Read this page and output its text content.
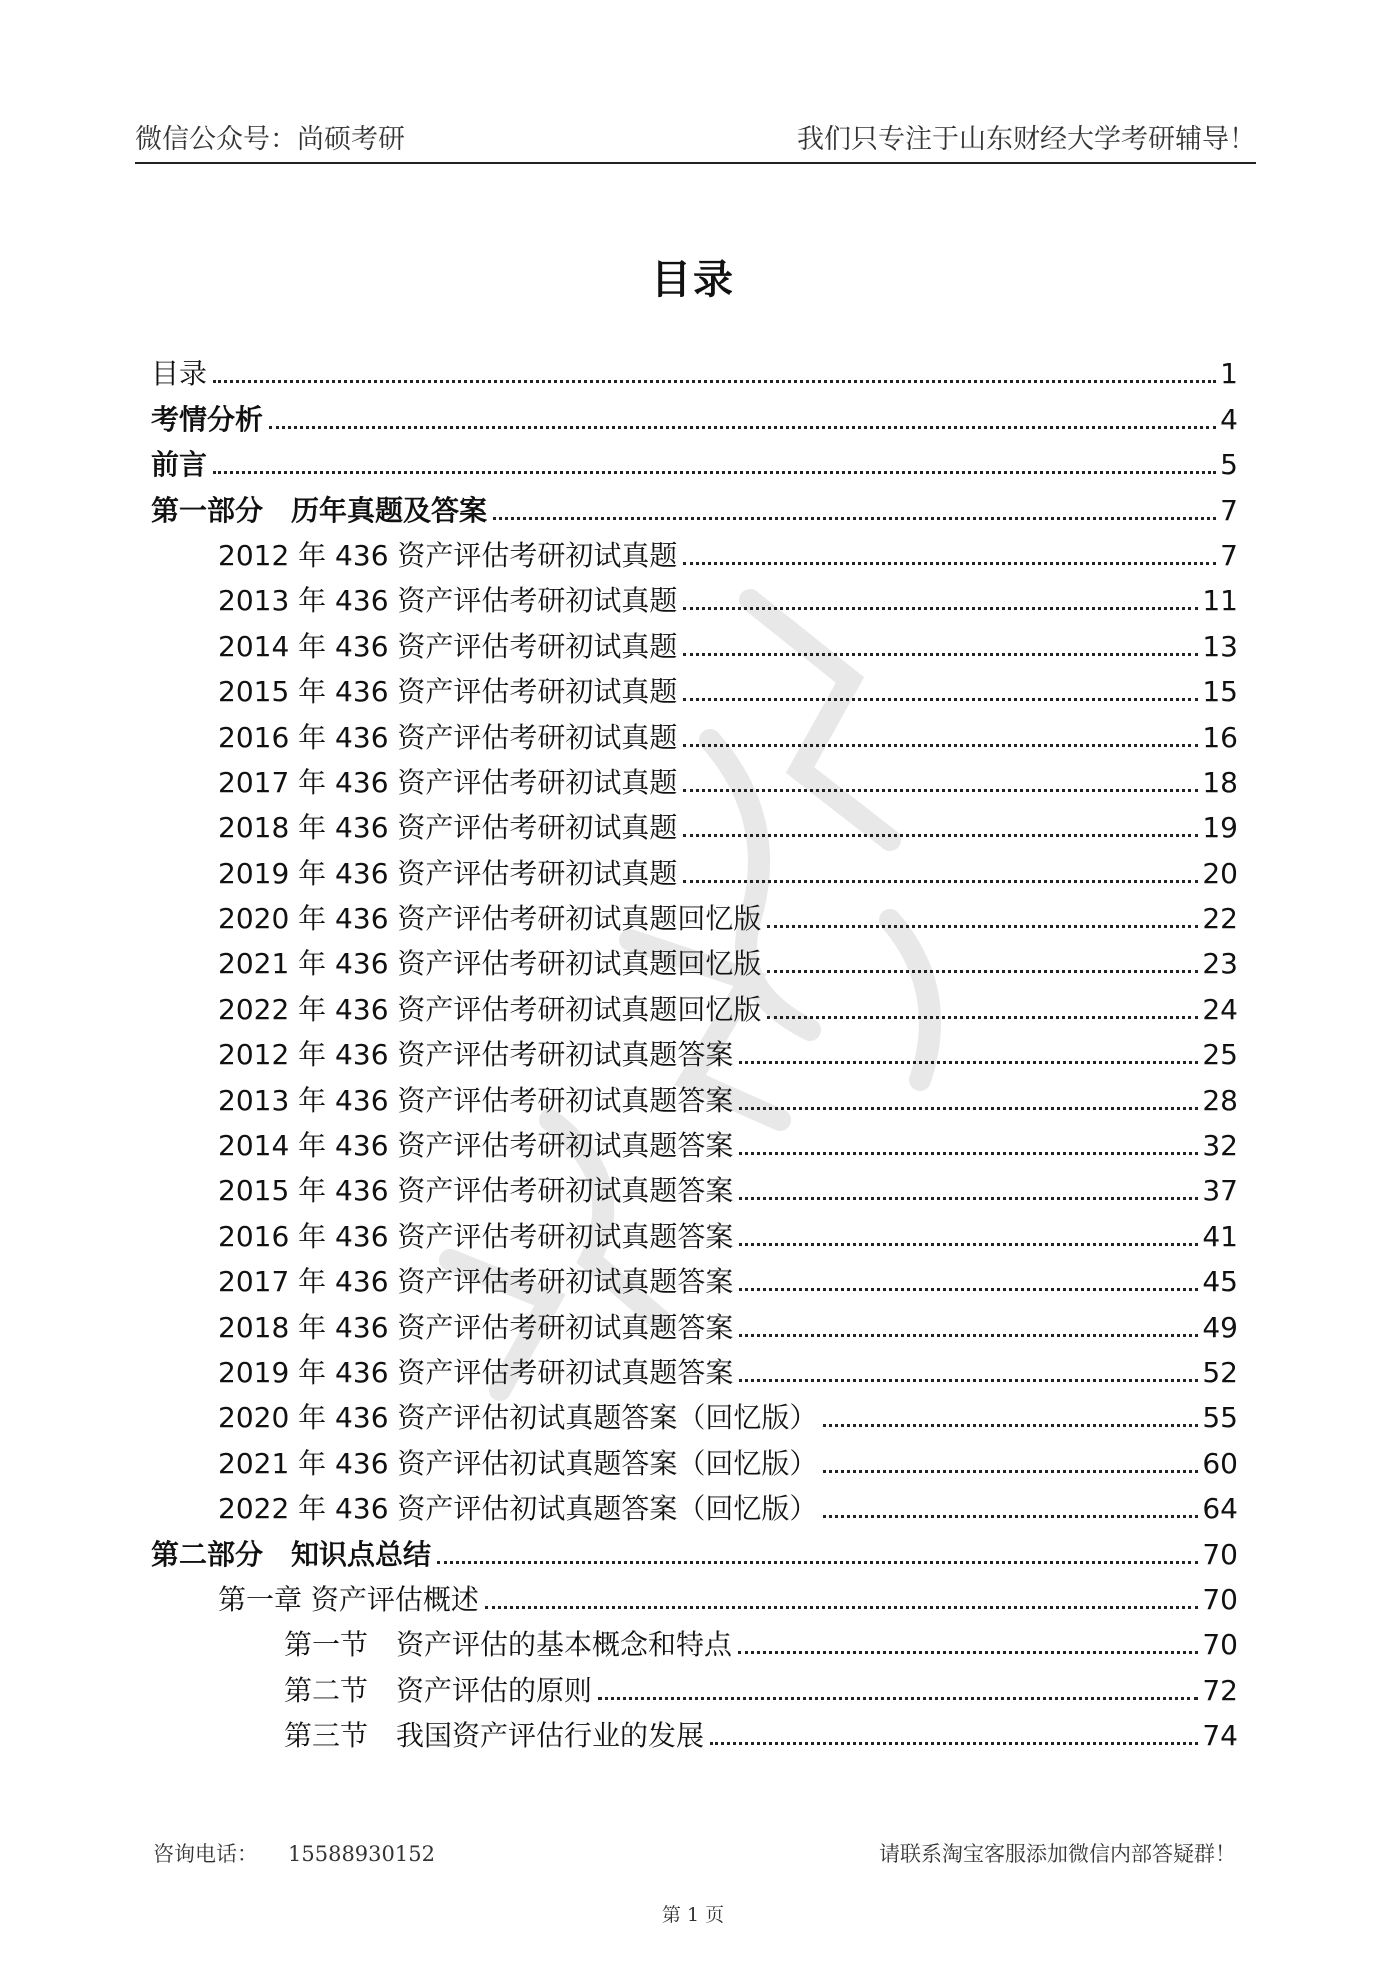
微信公众号：尚硕考研	我们只专注于山东财经大学考研辅导！
目录
目录	1
考情分析	4
前言	5
第一部分　历年真题及答案	7
2012 年 436 资产评估考研初试真题	7
2013 年 436 资产评估考研初试真题	11
2014 年 436 资产评估考研初试真题	13
2015 年 436 资产评估考研初试真题	15
2016 年 436 资产评估考研初试真题	16
2017 年 436 资产评估考研初试真题	18
2018 年 436 资产评估考研初试真题	19
2019 年 436 资产评估考研初试真题	20
2020 年 436 资产评估考研初试真题回忆版	22
2021 年 436 资产评估考研初试真题回忆版	23
2022 年 436 资产评估考研初试真题回忆版	24
2012 年 436 资产评估考研初试真题答案	25
2013 年 436 资产评估考研初试真题答案	28
2014 年 436 资产评估考研初试真题答案	32
2015 年 436 资产评估考研初试真题答案	37
2016 年 436 资产评估考研初试真题答案	41
2017 年 436 资产评估考研初试真题答案	45
2018 年 436 资产评估考研初试真题答案	49
2019 年 436 资产评估考研初试真题答案	52
2020 年 436 资产评估初试真题答案（回忆版）	55
2021 年 436 资产评估初试真题答案（回忆版）	60
2022 年 436 资产评估初试真题答案（回忆版）	64
第二部分　知识点总结	70
第一章 资产评估概述	70
第一节　资产评估的基本概念和特点	70
第二节　资产评估的原则	72
第三节　我国资产评估行业的发展	74
咨询电话： 15588930152	请联系淘宝客服添加微信内部答疑群！
第 1 页
